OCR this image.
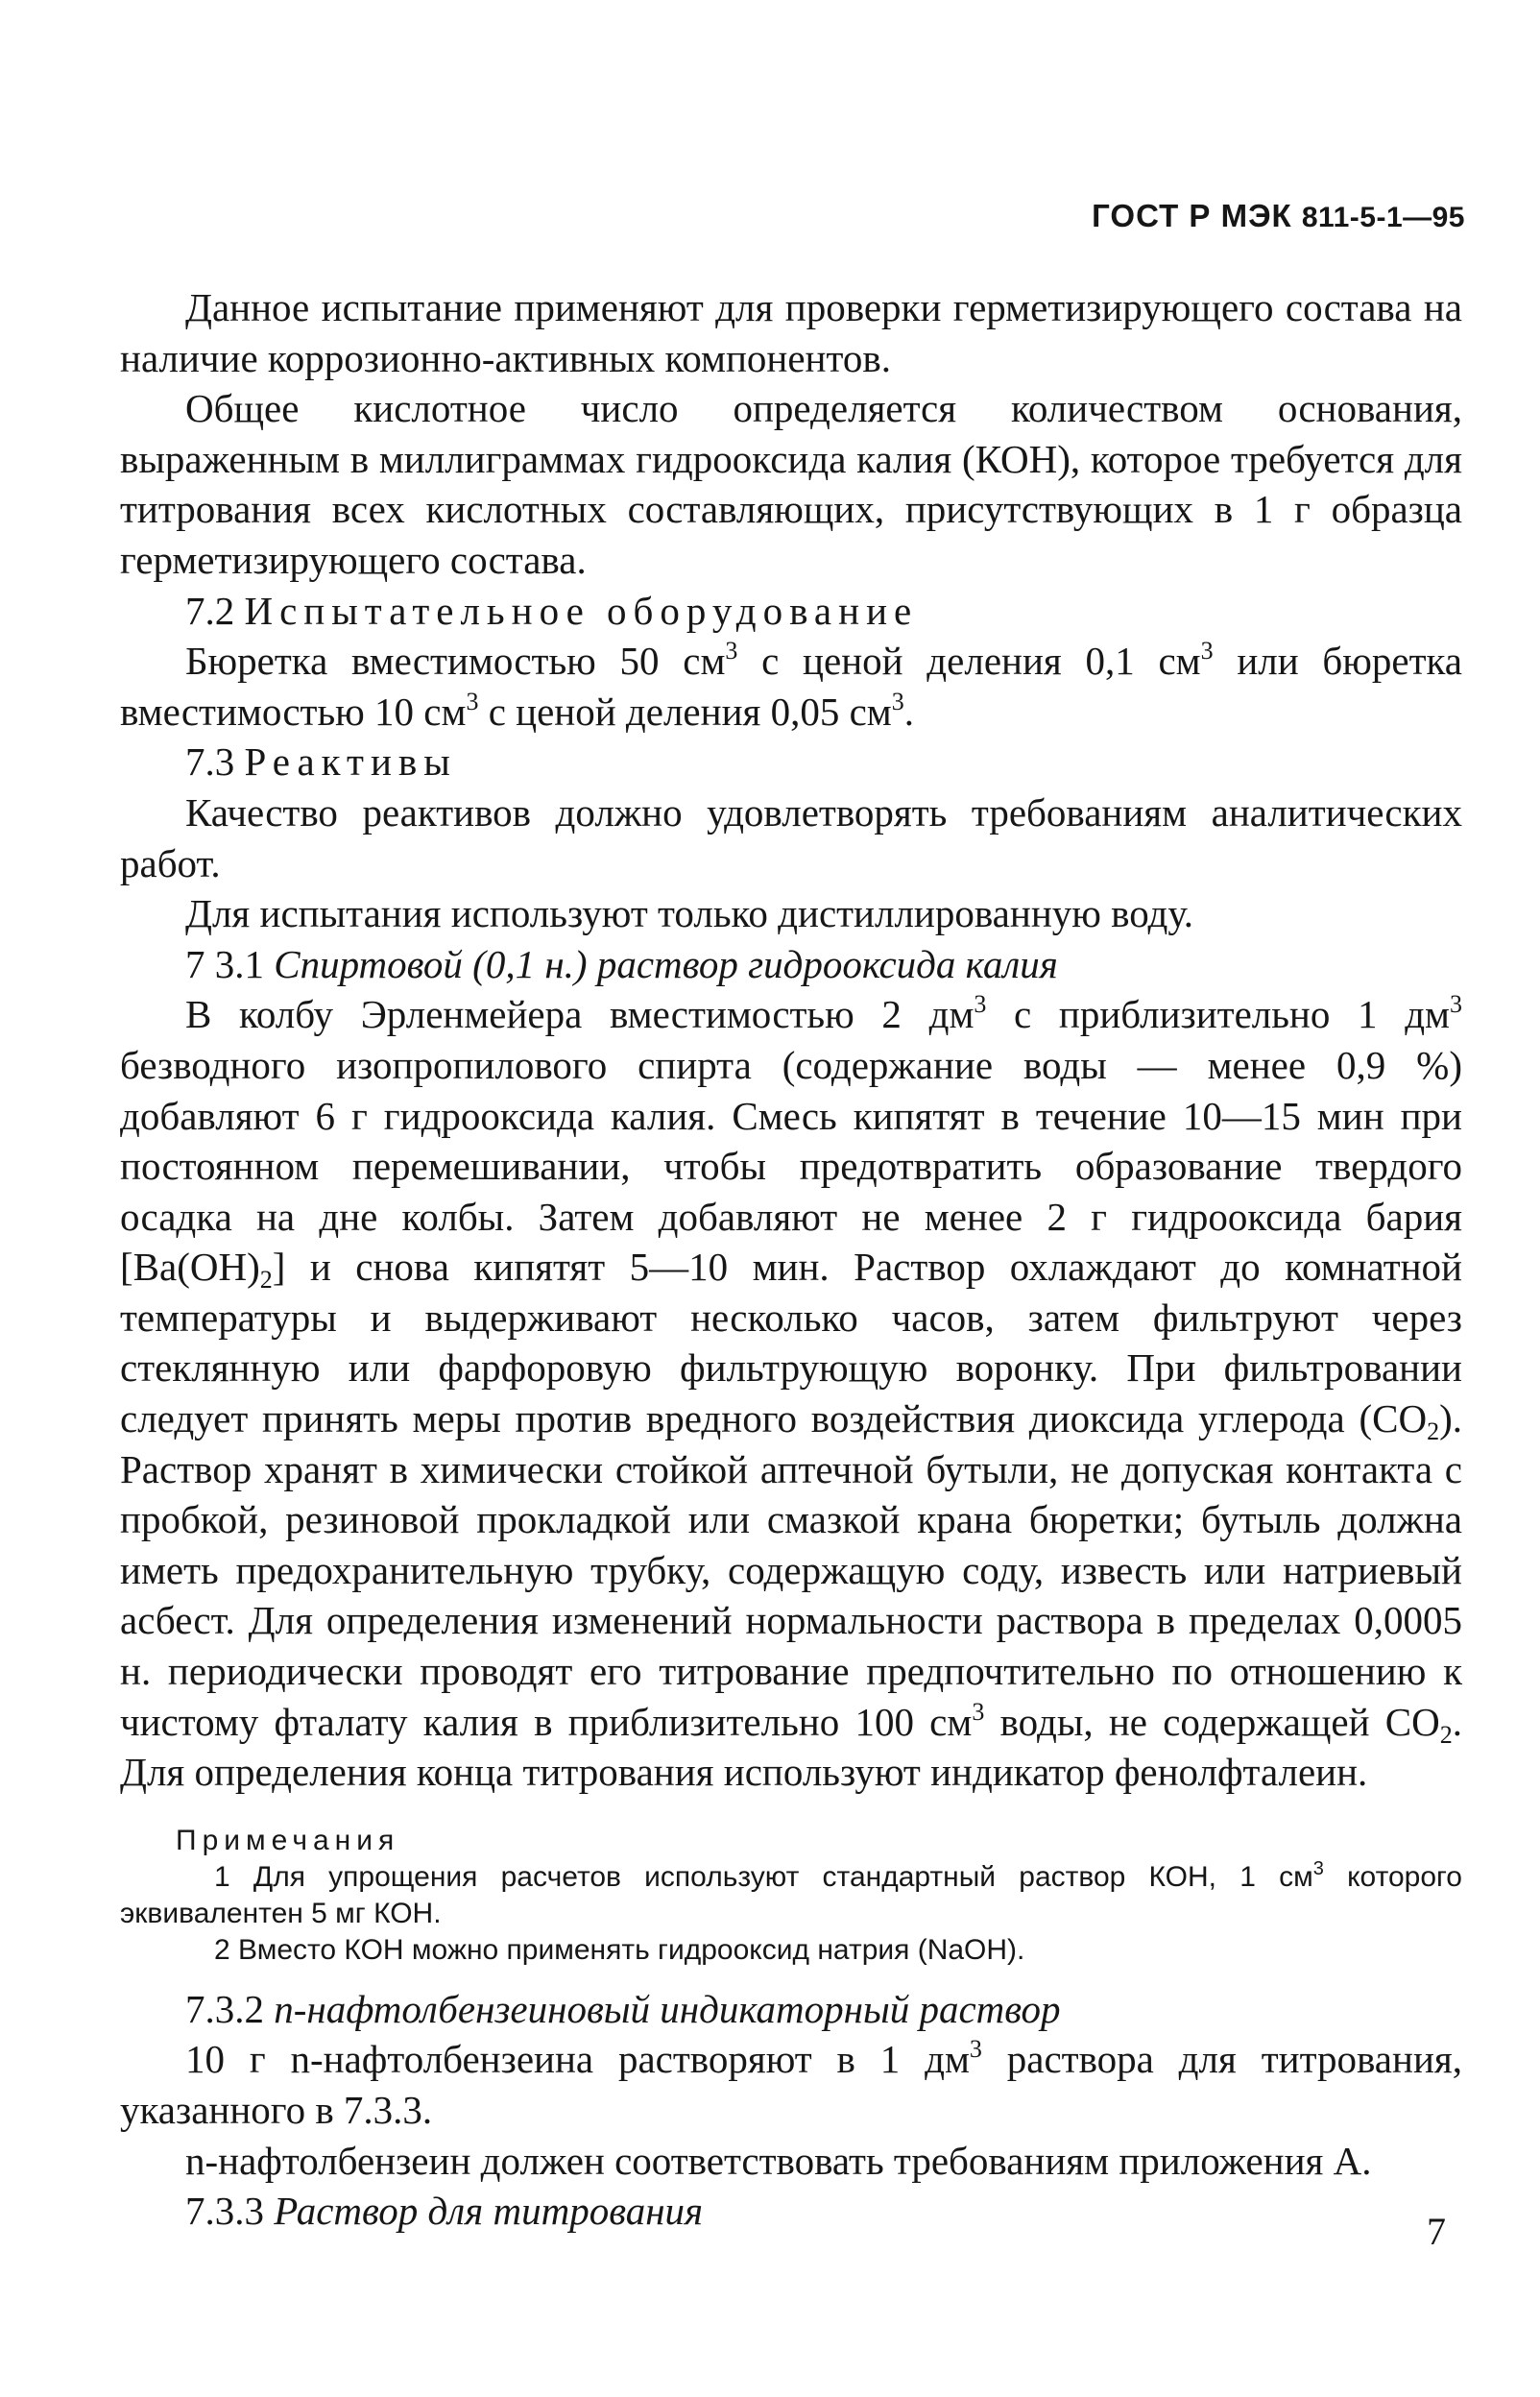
ГОСТ Р МЭК 811-5-1—95

Данное испытание применяют для проверки герметизирующего состава на наличие коррозионно-активных компонентов.

Общее кислотное число определяется количеством основания, выраженным в миллиграммах гидрооксида калия (КОН), которое требуется для титрования всех кислотных составляющих, присутствующих в 1 г образца герметизирующего состава.

7.2 Испытательное оборудование

Бюретка вместимостью 50 $см^3$ с ценой деления 0,1 $см^3$ или бюретка вместимостью 10 $см^3$ с ценой деления 0,05 $см^3$.

7.3 Реактивы

Качество реактивов должно удовлетворять требованиям аналитических работ.

Для испытания используют только дистиллированную воду.

7 3.1 Спиртовой (0,1 н.) раствор гидрооксида калия

В колбу Эрленмейера вместимостью 2 $дм^3$ с приблизительно 1 $дм^3$ безводного изопропилового спирта (содержание воды — менее 0,9 %) добавляют 6 г гидрооксида калия. Смесь кипятят в течение 10—15 мин при постоянном перемешивании, чтобы предотвратить образование твердого осадка на дне колбы. Затем добавляют не менее 2 г гидрооксида бария $[Ва(ОН)_2]$ и снова кипятят 5—10 мин. Раствор охлаждают до комнатной температуры и выдерживают несколько часов, затем фильтруют через стеклянную или фарфоровую фильтрующую воронку. При фильтровании следует принять меры против вредного воздействия диоксида углерода $(СО_2)$. Раствор хранят в химически стойкой аптечной бутыли, не допуская контакта с пробкой, резиновой прокладкой или смазкой крана бюретки; бутыль должна иметь предохранительную трубку, содержащую соду, известь или натриевый асбест. Для определения изменений нормальности раствора в пределах 0,0005 н. периодически проводят его титрование предпочтительно по отношению к чистому фталату калия в приблизительно 100 $см^3$ воды, не содержащей $СО_2$. Для определения конца титрования используют индикатор фенолфталеин.

Примечания

1 Для упрощения расчетов используют стандартный раствор КОН, 1 $см^3$ которого эквивалентен 5 мг КОН.

2 Вместо КОН можно применять гидрооксид натрия (NaOH).

7.3.2 n-нафтолбензеиновый индикаторный раствор

10 г n-нафтолбензеина растворяют в 1 $дм^3$ раствора для титрования, указанного в 7.3.3.

n-нафтолбензеин должен соответствовать требованиям приложения А.

7.3.3 Раствор для титрования	7
